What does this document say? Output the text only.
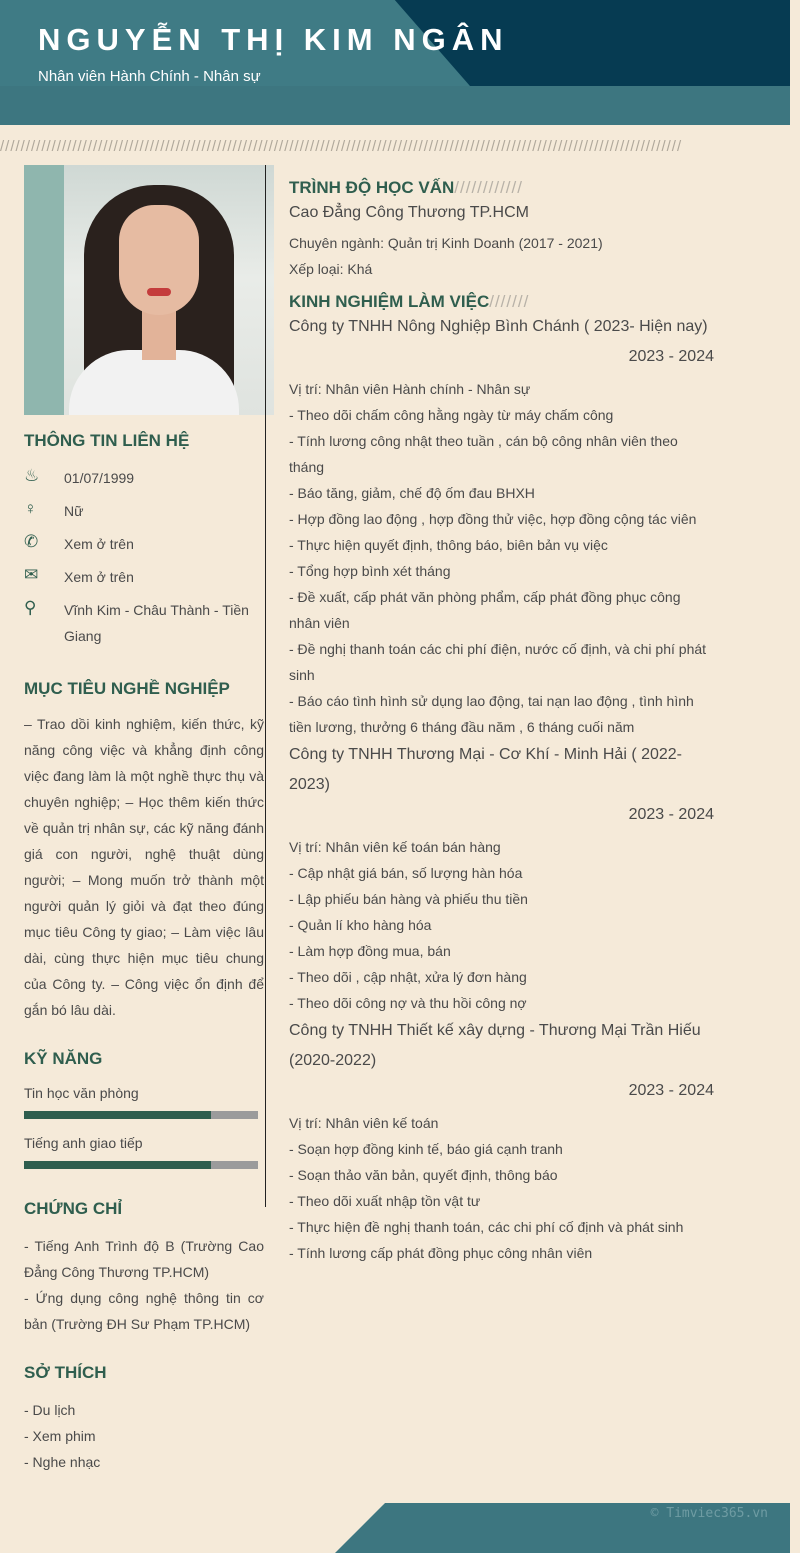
NGUYỄN THỊ KIM NGÂN
Nhân viên Hành Chính - Nhân sự
////////////////////////////////////////////////////////////////////////////////////////////////////////////////////////////////////
THÔNG TIN LIÊN HỆ
♨	01/07/1999
♀	Nữ
✆	Xem ở trên
✉	Xem ở trên
⚲	Vĩnh Kim - Châu Thành - Tiền Giang
MỤC TIÊU NGHỀ NGHIỆP
– Trao dồi kinh nghiệm, kiến thức, kỹ năng công việc và khẳng định công việc đang làm là một nghề thực thụ và chuyên nghiệp; – Học thêm kiến thức về quản trị nhân sự, các kỹ năng đánh giá con người, nghệ thuật dùng người; – Mong muốn trở thành một người quản lý giỏi và đạt theo đúng mục tiêu Công ty giao; – Làm việc lâu dài, cùng thực hiện mục tiêu chung của Công ty. – Công việc ổn định để gắn bó lâu dài.
KỸ NĂNG
Tin học văn phòng
Tiếng anh giao tiếp
CHỨNG CHỈ
- Tiếng Anh Trình độ B (Trường Cao Đẳng Công Thương TP.HCM)
- Ứng dụng công nghệ thông tin cơ bản (Trường ĐH Sư Phạm TP.HCM)
SỞ THÍCH
- Du lịch
- Xem phim
- Nghe nhạc
TRÌNH ĐỘ HỌC VẤN////////////
Cao Đẳng Công Thương TP.HCM
Chuyên ngành: Quản trị Kinh Doanh (2017 - 2021)
Xếp loại: Khá
KINH NGHIỆM LÀM VIỆC///////
Công ty TNHH Nông Nghiệp Bình Chánh ( 2023- Hiện nay)
2023 - 2024
Vị trí: Nhân viên Hành chính - Nhân sự
- Theo dõi chấm công hằng ngày từ máy chấm công
- Tính lương công nhật theo tuần , cán bộ công nhân viên theo tháng
- Báo tăng, giảm, chế độ ốm đau BHXH
- Hợp đồng lao động , hợp đồng thử việc, hợp đồng cộng tác viên
- Thực hiện quyết định, thông báo, biên bản vụ việc
- Tổng hợp bình xét tháng
- Đề xuất, cấp phát văn phòng phẩm, cấp phát đồng phục công nhân viên
- Đề nghị thanh toán các chi phí điện, nước cố định, và chi phí phát sinh
- Báo cáo tình hình sử dụng lao động, tai nạn lao động , tình hình tiền lương, thưởng 6 tháng đầu năm , 6 tháng cuối năm
Công ty TNHH Thương Mại - Cơ Khí - Minh Hải ( 2022-2023)
2023 - 2024
Vị trí: Nhân viên kế toán bán hàng
- Cập nhật giá bán, số lượng hàn hóa
- Lập phiếu bán hàng và phiếu thu tiền
- Quản lí kho hàng hóa
- Làm hợp đồng mua, bán
- Theo dõi , cập nhật, xửa lý đơn hàng
- Theo dõi công nợ và thu hồi công nợ
Công ty TNHH Thiết kế xây dựng - Thương Mại Trần Hiếu (2020-2022)
2023 - 2024
Vị trí: Nhân viên kế toán
- Soạn hợp đồng kinh tế, báo giá cạnh tranh
- Soạn thảo văn bản, quyết định, thông báo
- Theo dõi xuất nhập tồn vật tư
- Thực hiện đề nghị thanh toán, các chi phí cố định và phát sinh
- Tính lương cấp phát đồng phục công nhân viên
© Timviec365.vn
